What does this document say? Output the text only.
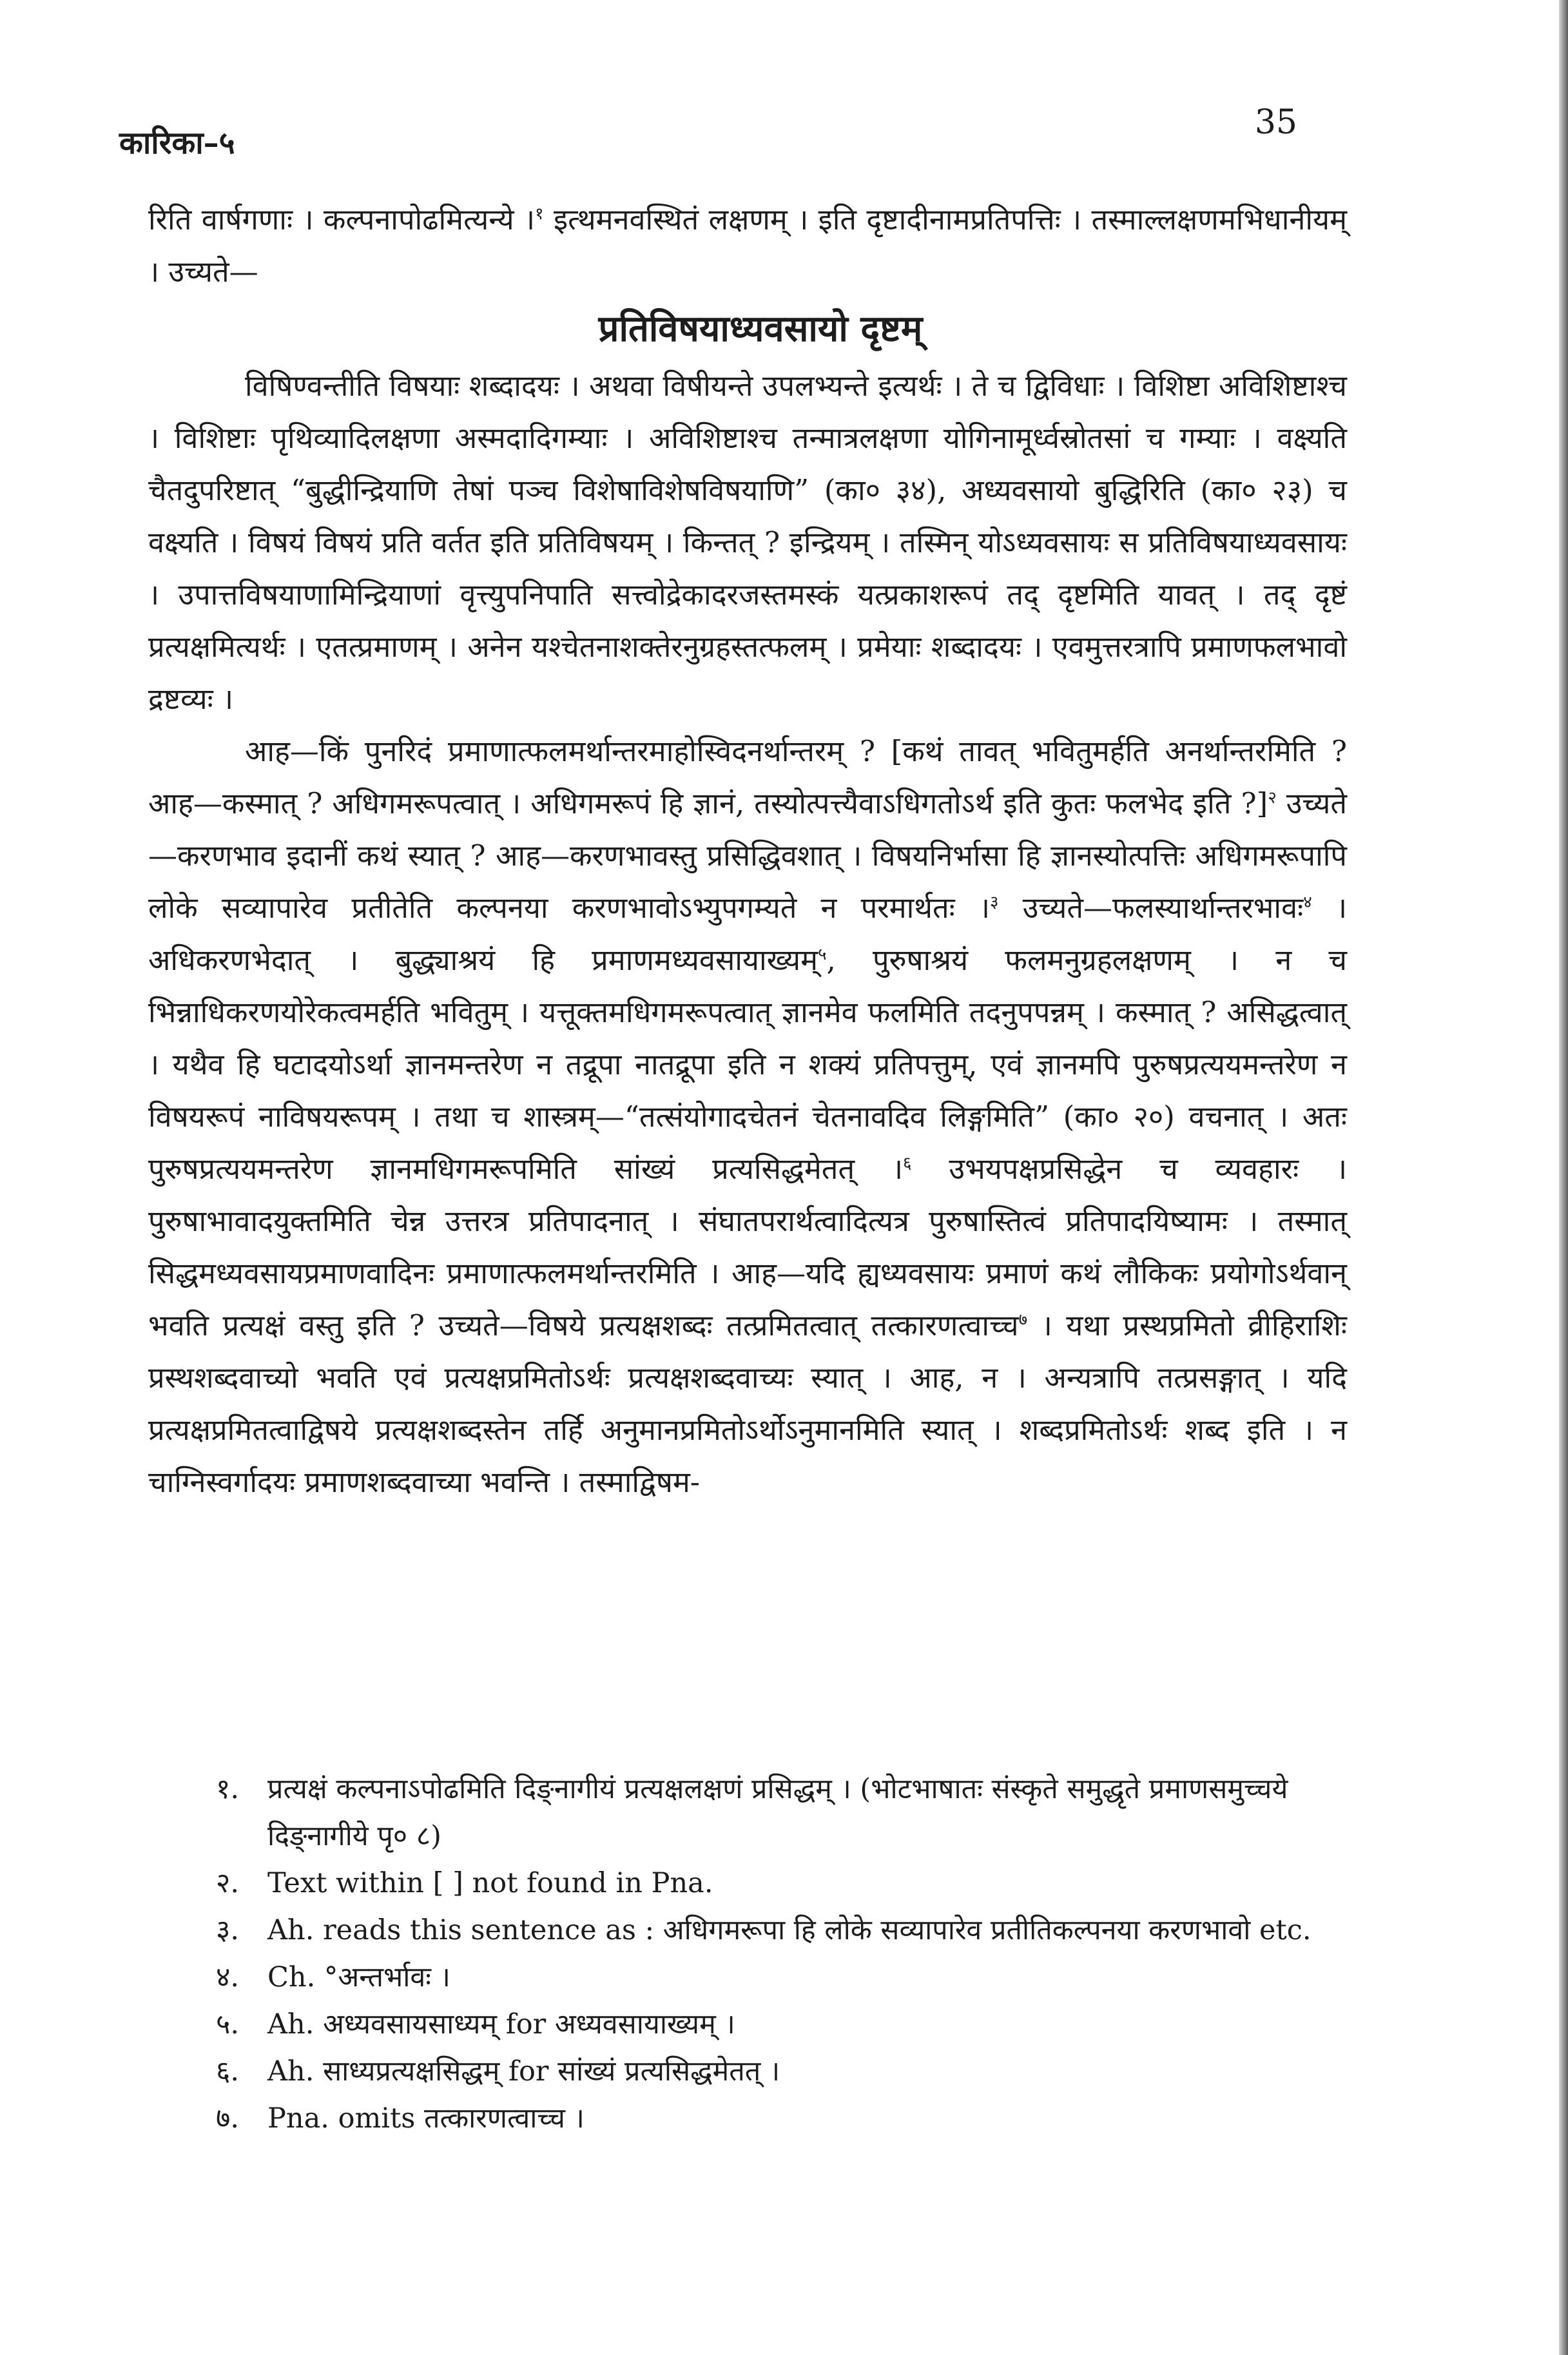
कारिका–५
35

रिति वार्षगणाः । कल्पनापोढमित्यन्ये ।$^१$ इत्थमनवस्थितं लक्षणम् । इति दृष्टादीनामप्रतिपत्तिः । तस्माल्लक्षणमभिधानीयम् । उच्यते—

प्रतिविषयाध्यवसायो दृष्टम्

विषिण्वन्तीति विषयाः शब्दादयः । अथवा विषीयन्ते उपलभ्यन्ते इत्यर्थः । ते च द्विविधाः । विशिष्टा अविशिष्टाश्च । विशिष्टाः पृथिव्यादिलक्षणा अस्मदादिगम्याः । अविशिष्टाश्च तन्मात्रलक्षणा योगिनामूर्ध्वस्रोतसां च गम्याः । वक्ष्यति चैतदुपरिष्टात् “बुद्धीन्द्रियाणि तेषां पञ्च विशेषाविशेषविषयाणि” (का० ३४), अध्यवसायो बुद्धिरिति (का० २३) च वक्ष्यति । विषयं विषयं प्रति वर्तत इति प्रतिविषयम् । किन्तत् ? इन्द्रियम् । तस्मिन् योऽध्यवसायः स प्रतिविषयाध्यवसायः । उपात्तविषयाणामिन्द्रियाणां वृत्त्युपनिपाति सत्त्वोद्रेकादरजस्तमस्कं यत्प्रकाशरूपं तद् दृष्टमिति यावत् । तद् दृष्टं प्रत्यक्षमित्यर्थः । एतत्प्रमाणम् । अनेन यश्चेतनाशक्तेरनुग्रहस्तत्फलम् । प्रमेयाः शब्दादयः । एवमुत्तरत्रापि प्रमाणफलभावो द्रष्टव्यः ।

आह—किं पुनरिदं प्रमाणात्फलमर्थान्तरमाहोस्विदनर्थान्तरम् ? [कथं तावत् भवितुमर्हति अनर्थान्तरमिति ? आह—कस्मात् ? अधिगमरूपत्वात् । अधिगमरूपं हि ज्ञानं, तस्योत्पत्त्यैवाऽधिगतोऽर्थ इति कुतः फलभेद इति ?]$^२$ उच्यते—करणभाव इदानीं कथं स्यात् ? आह—करणभावस्तु प्रसिद्धिवशात् । विषयनिर्भासा हि ज्ञानस्योत्पत्तिः अधिगमरूपापि लोके सव्यापारेव प्रतीतेति कल्पनया करणभावोऽभ्युपगम्यते न परमार्थतः ।$^३$ उच्यते—फलस्यार्थान्तरभावः$^४$ । अधिकरणभेदात् । बुद्ध्याश्रयं हि प्रमाणमध्यवसायाख्यम्$^५$, पुरुषाश्रयं फलमनुग्रहलक्षणम् । न च भिन्नाधिकरणयोरेकत्वमर्हति भवितुम् । यत्तूक्तमधिगमरूपत्वात् ज्ञानमेव फलमिति तदनुपपन्नम् । कस्मात् ? असिद्धत्वात् । यथैव हि घटादयोऽर्था ज्ञानमन्तरेण न तद्रूपा नातद्रूपा इति न शक्यं प्रतिपत्तुम्, एवं ज्ञानमपि पुरुषप्रत्ययमन्तरेण न विषयरूपं नाविषयरूपम् । तथा च शास्त्रम्—“तत्संयोगादचेतनं चेतनावदिव लिङ्गमिति” (का० २०) वचनात् । अतः पुरुषप्रत्ययमन्तरेण ज्ञानमधिगमरूपमिति सांख्यं प्रत्यसिद्धमेतत् ।$^६$ उभयपक्षप्रसिद्धेन च व्यवहारः । पुरुषाभावादयुक्तमिति चेन्न उत्तरत्र प्रतिपादनात् । संघातपरार्थत्वादित्यत्र पुरुषास्तित्वं प्रतिपादयिष्यामः । तस्मात् सिद्धमध्यवसायप्रमाणवादिनः प्रमाणात्फलमर्थान्तरमिति । आह—यदि ह्यध्यवसायः प्रमाणं कथं लौकिकः प्रयोगोऽर्थवान् भवति प्रत्यक्षं वस्तु इति ? उच्यते—विषये प्रत्यक्षशब्दः तत्प्रमितत्वात् तत्कारणत्वाच्च$^७$ । यथा प्रस्थप्रमितो व्रीहिराशिः प्रस्थशब्दवाच्यो भवति एवं प्रत्यक्षप्रमितोऽर्थः प्रत्यक्षशब्दवाच्यः स्यात् । आह, न । अन्यत्रापि तत्प्रसङ्गात् । यदि प्रत्यक्षप्रमितत्वाद्विषये प्रत्यक्षशब्दस्तेन तर्हि अनुमानप्रमितोऽर्थोऽनुमानमिति स्यात् । शब्दप्रमितोऽर्थः शब्द इति । न चाग्निस्वर्गादयः प्रमाणशब्दवाच्या भवन्ति । तस्माद्विषम-

१. प्रत्यक्षं कल्पनाऽपोढमिति दिङ्नागीयं प्रत्यक्षलक्षणं प्रसिद्धम् । (भोटभाषातः संस्कृते समुद्धृते प्रमाणसमुच्चये दिङ्नागीये पृ० ८)

२. Text within [ ] not found in Pna.

३. Ah. reads this sentence as : अधिगमरूपा हि लोके सव्यापारेव प्रतीतिकल्पनया करणभावो etc.

४. Ch. °अन्तर्भावः ।

५. Ah. अध्यवसायसाध्यम् for अध्यवसायाख्यम् ।

६. Ah. साध्यप्रत्यक्षसिद्धम् for सांख्यं प्रत्यसिद्धमेतत् ।

७. Pna. omits तत्कारणत्वाच्च ।
